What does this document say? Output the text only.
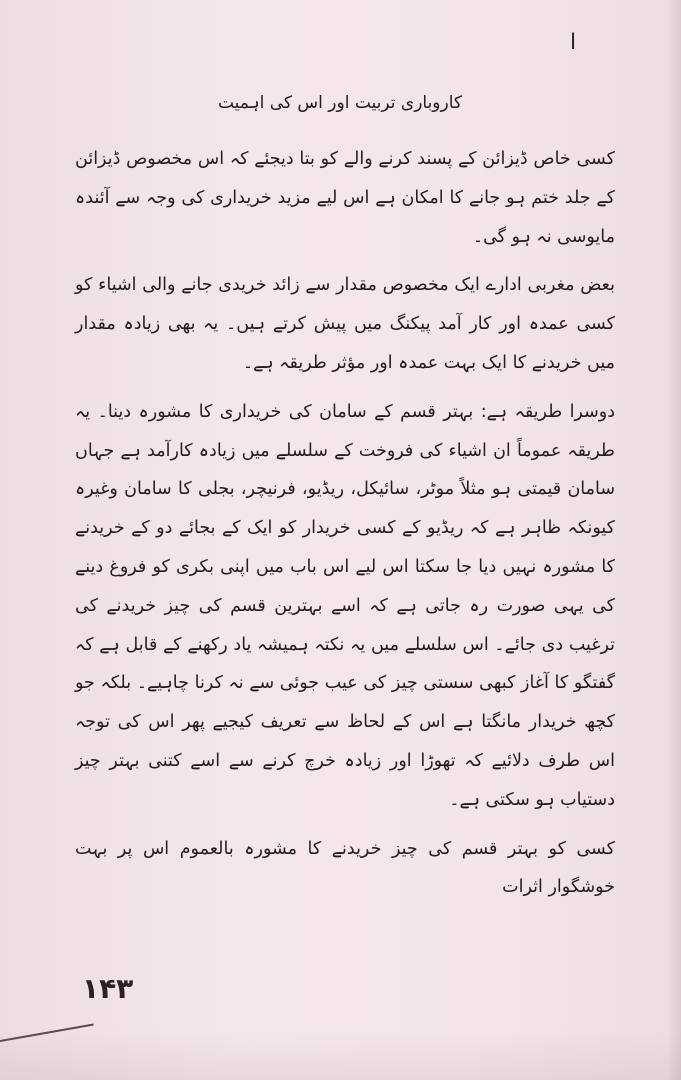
ا
کاروباری تربیت اور اس کی اہمیت

کسی خاص ڈیزائن کے پسند کرنے والے کو بتا دیجئے کہ اس مخصوص ڈیزائن کے جلد ختم ہو جانے کا امکان ہے اس لیے مزید خریداری کی وجہ سے آئندہ مایوسی نہ ہو گی۔

بعض مغربی ادارے ایک مخصوص مقدار سے زائد خریدی جانے والی اشیاء کو کسی عمدہ اور کار آمد پیکنگ میں پیش کرتے ہیں۔ یہ بھی زیادہ مقدار میں خریدنے کا ایک بہت عمدہ اور مؤثر طریقہ ہے۔

دوسرا طریقہ ہے: بہتر قسم کے سامان کی خریداری کا مشورہ دینا۔ یہ طریقہ عموماً ان اشیاء کی فروخت کے سلسلے میں زیادہ کارآمد ہے جہاں سامان قیمتی ہو مثلاً موٹر، سائیکل، ریڈیو، فرنیچر، بجلی کا سامان وغیرہ کیونکہ ظاہر ہے کہ ریڈیو کے کسی خریدار کو ایک کے بجائے دو کے خریدنے کا مشورہ نہیں دیا جا سکتا اس لیے اس باب میں اپنی بکری کو فروغ دینے کی یہی صورت رہ جاتی ہے کہ اسے بہترین قسم کی چیز خریدنے کی ترغیب دی جائے۔ اس سلسلے میں یہ نکتہ ہمیشہ یاد رکھنے کے قابل ہے کہ گفتگو کا آغاز کبھی سستی چیز کی عیب جوئی سے نہ کرنا چاہیے۔ بلکہ جو کچھ خریدار مانگتا ہے اس کے لحاظ سے تعریف کیجیے پھر اس کی توجہ اس طرف دلائیے کہ تھوڑا اور زیادہ خرچ کرنے سے اسے کتنی بہتر چیز دستیاب ہو سکتی ہے۔

کسی کو بہتر قسم کی چیز خریدنے کا مشورہ بالعموم اس پر بہت خوشگوار اثرات

۱۴۳
